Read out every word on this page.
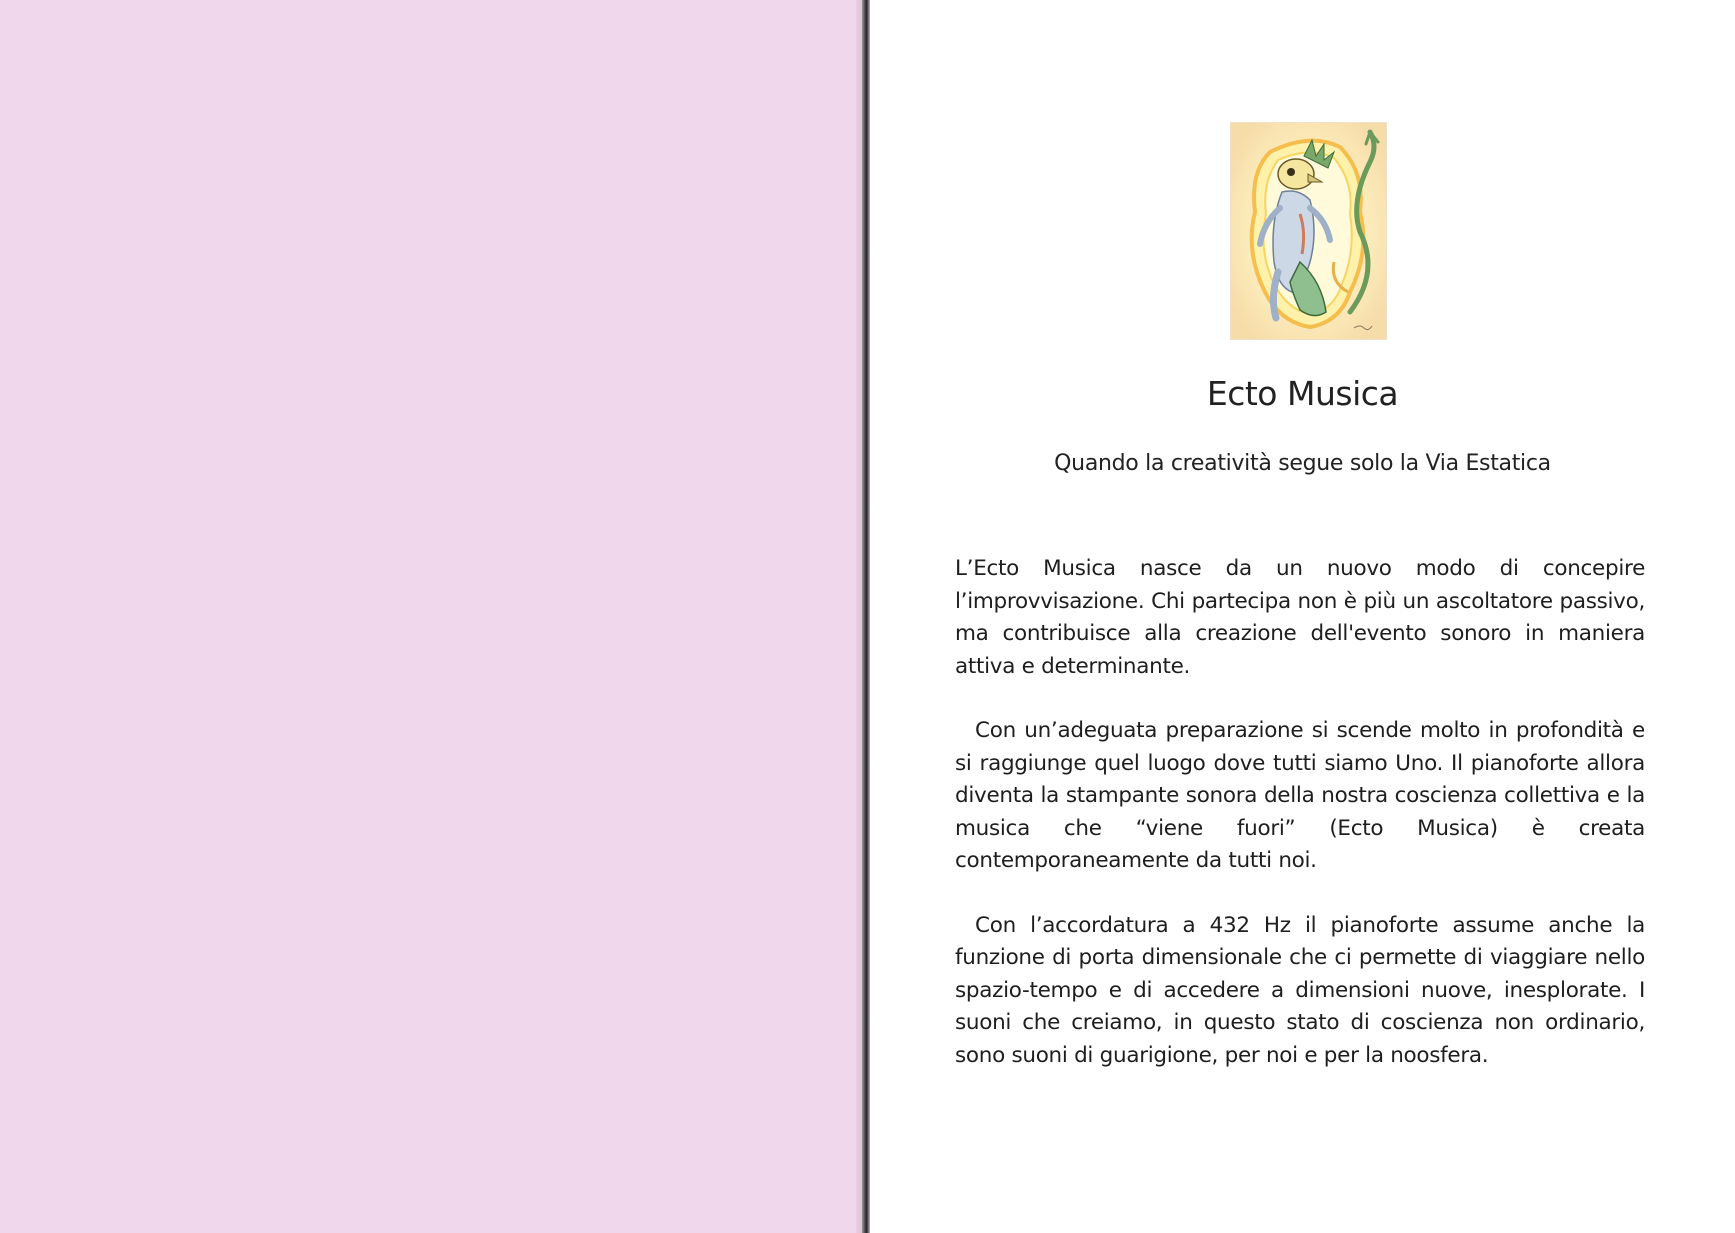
Ecto Musica
Quando la creatività segue solo la Via Estatica

L’Ecto Musica nasce da un nuovo modo di concepire l’improvvisazione. Chi partecipa non è più un ascoltatore passivo, ma contribuisce alla creazione dell'evento sonoro in maniera attiva e determinante.

Con un’adeguata preparazione si scende molto in profondità e si raggiunge quel luogo dove tutti siamo Uno. Il pianoforte allora diventa la stampante sonora della nostra coscienza collettiva e la musica che “viene fuori” (Ecto Musica) è creata contemporaneamente da tutti noi.

Con l’accordatura a 432 Hz il pianoforte assume anche la funzione di porta dimensionale che ci permette di viaggiare nello spazio-tempo e di accedere a dimensioni nuove, inesplorate. I suoni che creiamo, in questo stato di coscienza non ordinario, sono suoni di guarigione, per noi e per la noosfera.
